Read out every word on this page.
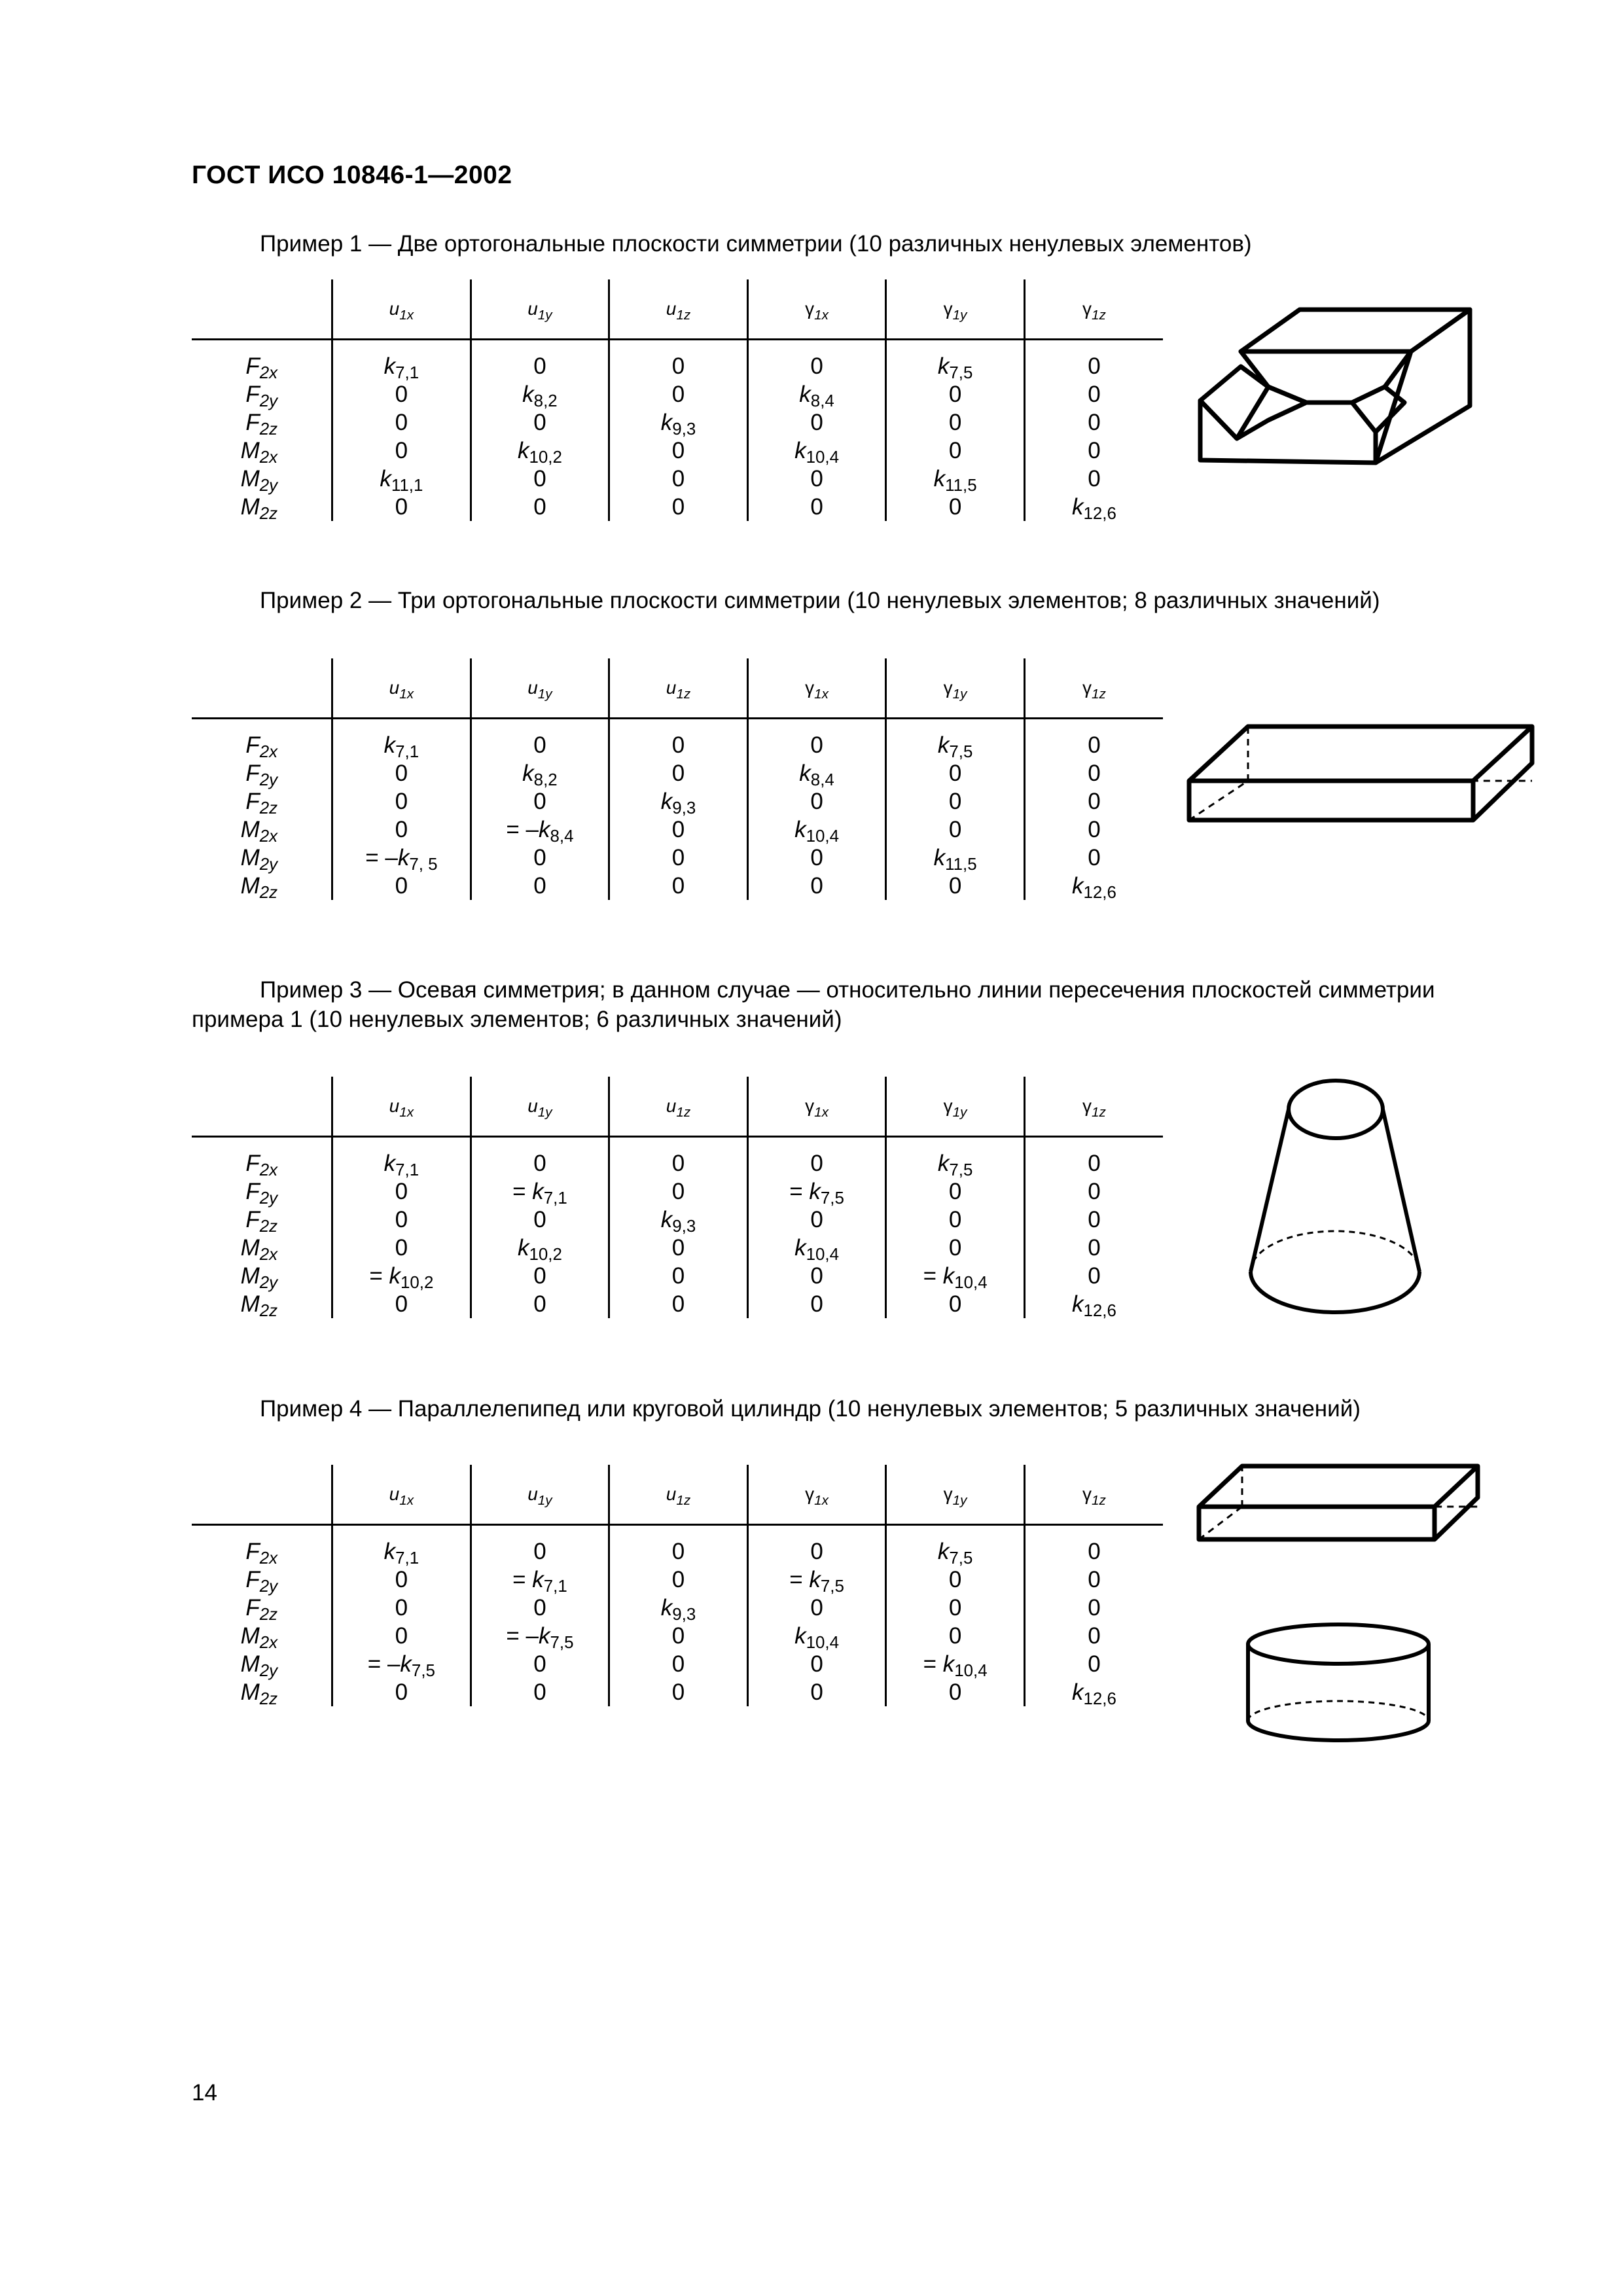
ГОСТ ИСО 10846-1—2002
Пример 1 — Две ортогональные плоскости симметрии (10 различных ненулевых элементов)
	$u_{1x}$	$u_{1y}$	$u_{1z}$	$\gamma_{1x}$	$\gamma_{1y}$	$\gamma_{1z}$
$F_{2x}$	$k_{7,1}$	0	0	0	$k_{7,5}$	0
$F_{2y}$	0	$k_{8,2}$	0	$k_{8,4}$	0	0
$F_{2z}$	0	0	$k_{9,3}$	0	0	0
$M_{2x}$	0	$k_{10,2}$	0	$k_{10,4}$	0	0
$M_{2y}$	$k_{11,1}$	0	0	0	$k_{11,5}$	0
$M_{2z}$	0	0	0	0	0	$k_{12,6}$
Пример 2 — Три ортогональные плоскости симметрии (10 ненулевых элементов; 8 различных значений)
	$u_{1x}$	$u_{1y}$	$u_{1z}$	$\gamma_{1x}$	$\gamma_{1y}$	$\gamma_{1z}$
$F_{2x}$	$k_{7,1}$	0	0	0	$k_{7,5}$	0
$F_{2y}$	0	$k_{8,2}$	0	$k_{8,4}$	0	0
$F_{2z}$	0	0	$k_{9,3}$	0	0	0
$M_{2x}$	0	= $-k_{8,4}$	0	$k_{10,4}$	0	0
$M_{2y}$	= $-k_{7, 5}$	0	0	0	$k_{11,5}$	0
$M_{2z}$	0	0	0	0	0	$k_{12,6}$
Пример 3 — Осевая симметрия; в данном случае — относительно линии пересечения плоскостей симметрии примера 1 (10 ненулевых элементов; 6 различных значений)
	$u_{1x}$	$u_{1y}$	$u_{1z}$	$\gamma_{1x}$	$\gamma_{1y}$	$\gamma_{1z}$
$F_{2x}$	$k_{7,1}$	0	0	0	$k_{7,5}$	0
$F_{2y}$	0	= $k_{7,1}$	0	= $k_{7,5}$	0	0
$F_{2z}$	0	0	$k_{9,3}$	0	0	0
$M_{2x}$	0	$k_{10,2}$	0	$k_{10,4}$	0	0
$M_{2y}$	= $k_{10,2}$	0	0	0	= $k_{10,4}$	0
$M_{2z}$	0	0	0	0	0	$k_{12,6}$
Пример 4 — Параллелепипед или круговой цилиндр (10 ненулевых элементов; 5 различных значений)
	$u_{1x}$	$u_{1y}$	$u_{1z}$	$\gamma_{1x}$	$\gamma_{1y}$	$\gamma_{1z}$
$F_{2x}$	$k_{7,1}$	0	0	0	$k_{7,5}$	0
$F_{2y}$	0	= $k_{7,1}$	0	= $k_{7,5}$	0	0
$F_{2z}$	0	0	$k_{9,3}$	0	0	0
$M_{2x}$	0	= $-k_{7,5}$	0	$k_{10,4}$	0	0
$M_{2y}$	= $-k_{7,5}$	0	0	0	= $k_{10,4}$	0
$M_{2z}$	0	0	0	0	0	$k_{12,6}$
14
